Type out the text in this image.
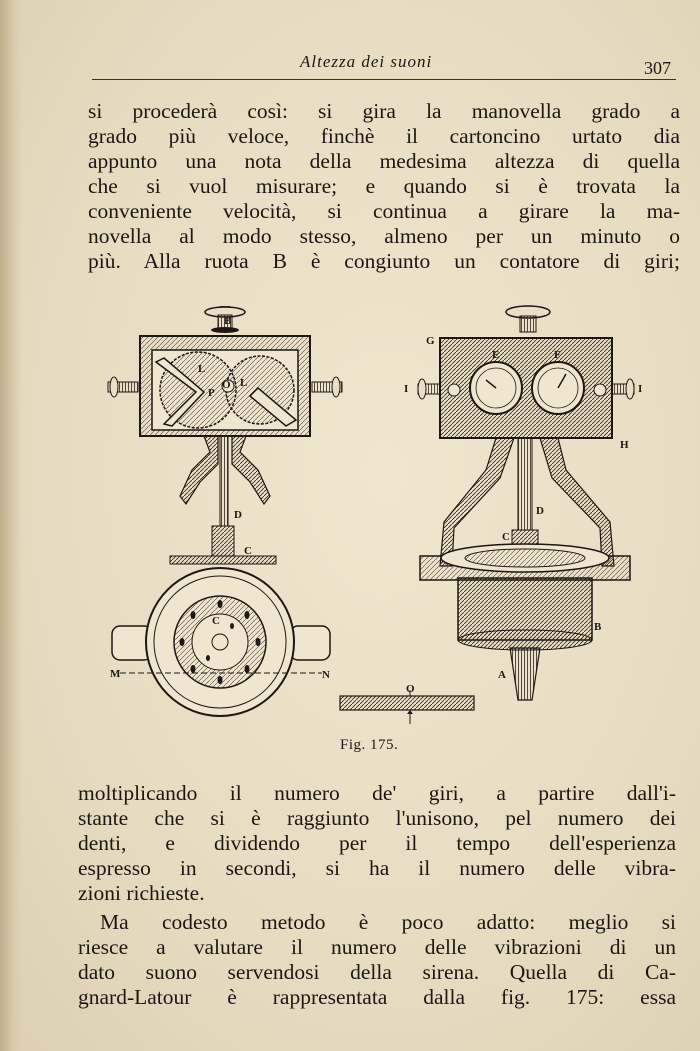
Altezza dei suoni	307
si procederà così: si gira la manovella grado a
grado più veloce, finchè il cartoncino urtato dia
appunto una nota della medesima altezza di quella
che si vuol misurare; e quando si è trovata la
conveniente velocità, si continua a girare la ma-
novella al modo stesso, almeno per un minuto o
più. Alla ruota B è congiunto un contatore di giri;
B
L
P
O L
D
C
C
M	N
O
G
E	F
I	I
H
D
C
B
A
Fig. 175.
moltiplicando il numero de' giri, a partire dall'i-
stante che si è raggiunto l'unisono, pel numero dei
denti, e dividendo per il tempo dell'esperienza
espresso in secondi, si ha il numero delle vibra-
zioni richieste.
Ma codesto metodo è poco adatto: meglio si
riesce a valutare il numero delle vibrazioni di un
dato suono servendosi della sirena. Quella di Ca-
gnard-Latour è rappresentata dalla fig. 175: essa
